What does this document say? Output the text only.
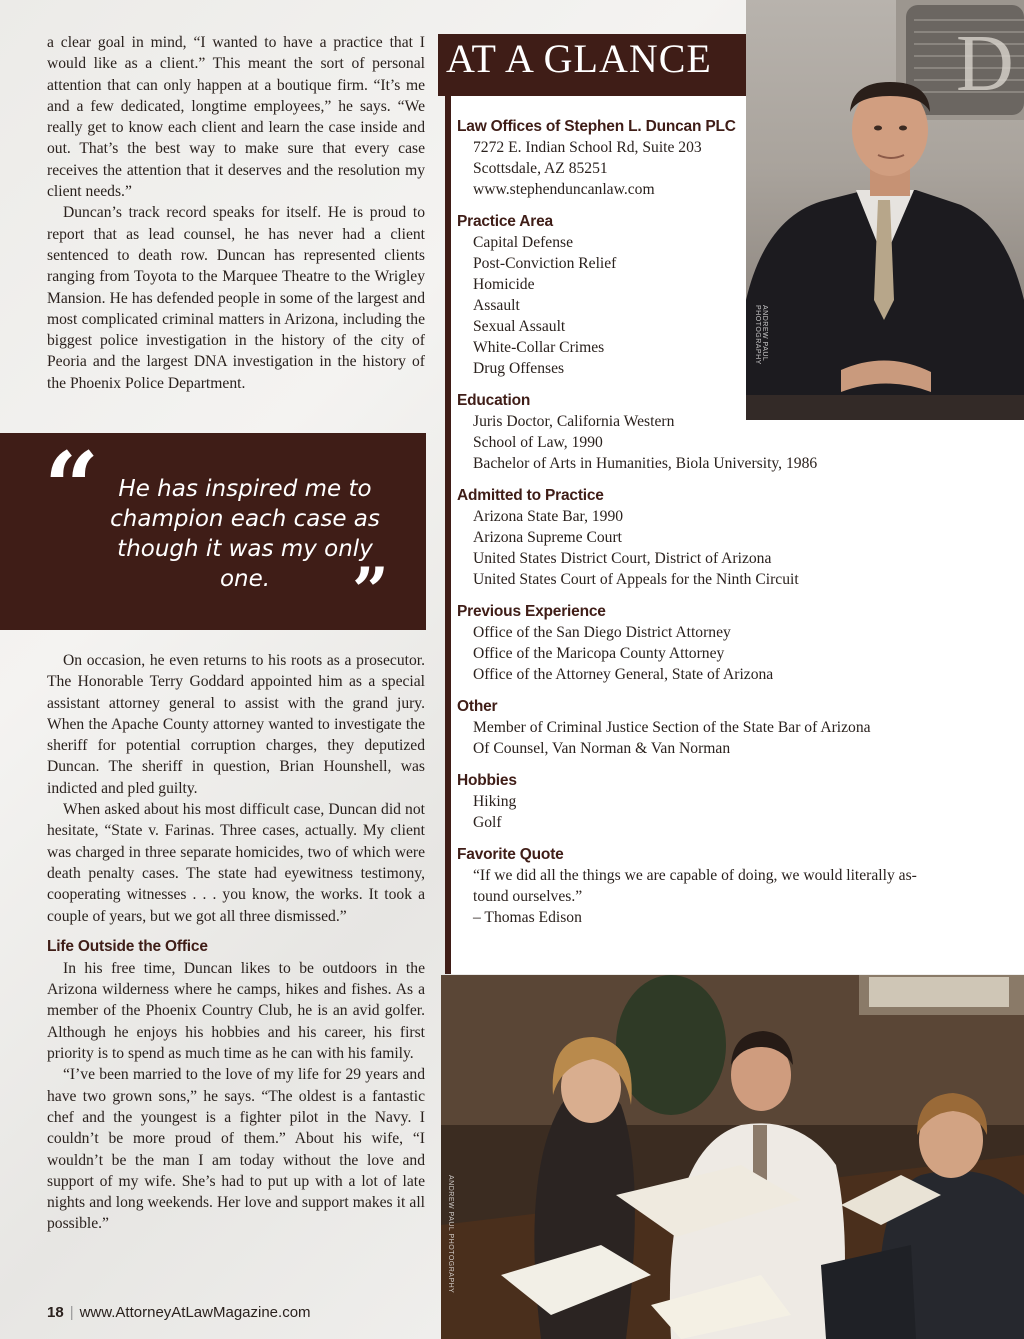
a clear goal in mind, “I wanted to have a practice that I would like as a client.” This meant the sort of personal attention that can only happen at a boutique firm. “It’s me and a few dedicated, longtime employees,” he says. “We really get to know each client and learn the case inside and out. That’s the best way to make sure that every case receives the attention that it deserves and the resolution my client needs.”

Duncan’s track record speaks for itself. He is proud to report that as lead counsel, he has never had a client sentenced to death row. Duncan has represented clients ranging from Toyota to the Marquee Theatre to the Wrigley Mansion. He has defended people in some of the largest and most complicated criminal matters in Arizona, including the biggest police investigation in the history of the city of Peoria and the largest DNA investigation in the history of the Phoenix Police Department.

“ He has inspired me to champion each case as though it was my only one.	”

On occasion, he even returns to his roots as a prosecutor. The Honorable Terry Goddard appointed him as a special assistant attorney general to assist with the grand jury. When the Apache County attorney wanted to investigate the sheriff for potential corruption charges, they deputized Duncan. The sheriff in question, Brian Hounshell, was indicted and pled guilty.

When asked about his most difficult case, Duncan did not hesitate, “State v. Farinas. Three cases, actually. My client was charged in three separate homicides, two of which were death penalty cases. The state had eyewitness testimony, cooperating witnesses . . . you know, the works. It took a couple of years, but we got all three dismissed.”

Life Outside the Office

In his free time, Duncan likes to be outdoors in the Arizona wilderness where he camps, hikes and fishes. As a member of the Phoenix Country Club, he is an avid golfer. Although he enjoys his hobbies and his career, his first priority is to spend as much time as he can with his family.

“I’ve been married to the love of my life for 29 years and have two grown sons,” he says. “The oldest is a fantastic chef and the youngest is a fighter pilot in the Navy. I couldn’t be more proud of them.” About his wife, “I wouldn’t be the man I am today without the love and support of my wife. She’s had to put up with a lot of late nights and long weekends. Her love and support makes it all possible.”

18 | www.AttorneyAtLawMagazine.com
D
ANDREW PAUL PHOTOGRAPHY
AT A GLANCE
Law Offices of Stephen L. Duncan PLC
7272 E. Indian School Rd, Suite 203
Scottsdale, AZ 85251
www.stephenduncanlaw.com
Practice Area
Capital Defense
Post-Conviction Relief
Homicide
Assault
Sexual Assault
White-Collar Crimes
Drug Offenses
Education
Juris Doctor, California Western
School of Law, 1990
Bachelor of Arts in Humanities, Biola University, 1986
Admitted to Practice
Arizona State Bar, 1990
Arizona Supreme Court
United States District Court, District of Arizona
United States Court of Appeals for the Ninth Circuit
Previous Experience
Office of the San Diego District Attorney
Office of the Maricopa County Attorney
Office of the Attorney General, State of Arizona
Other
Member of Criminal Justice Section of the State Bar of Arizona
Of Counsel, Van Norman & Van Norman
Hobbies
Hiking
Golf
Favorite Quote
“If we did all the things we are capable of doing, we would literally as-
tound ourselves.”
– Thomas Edison
ANDREW PAUL PHOTOGRAPHY
